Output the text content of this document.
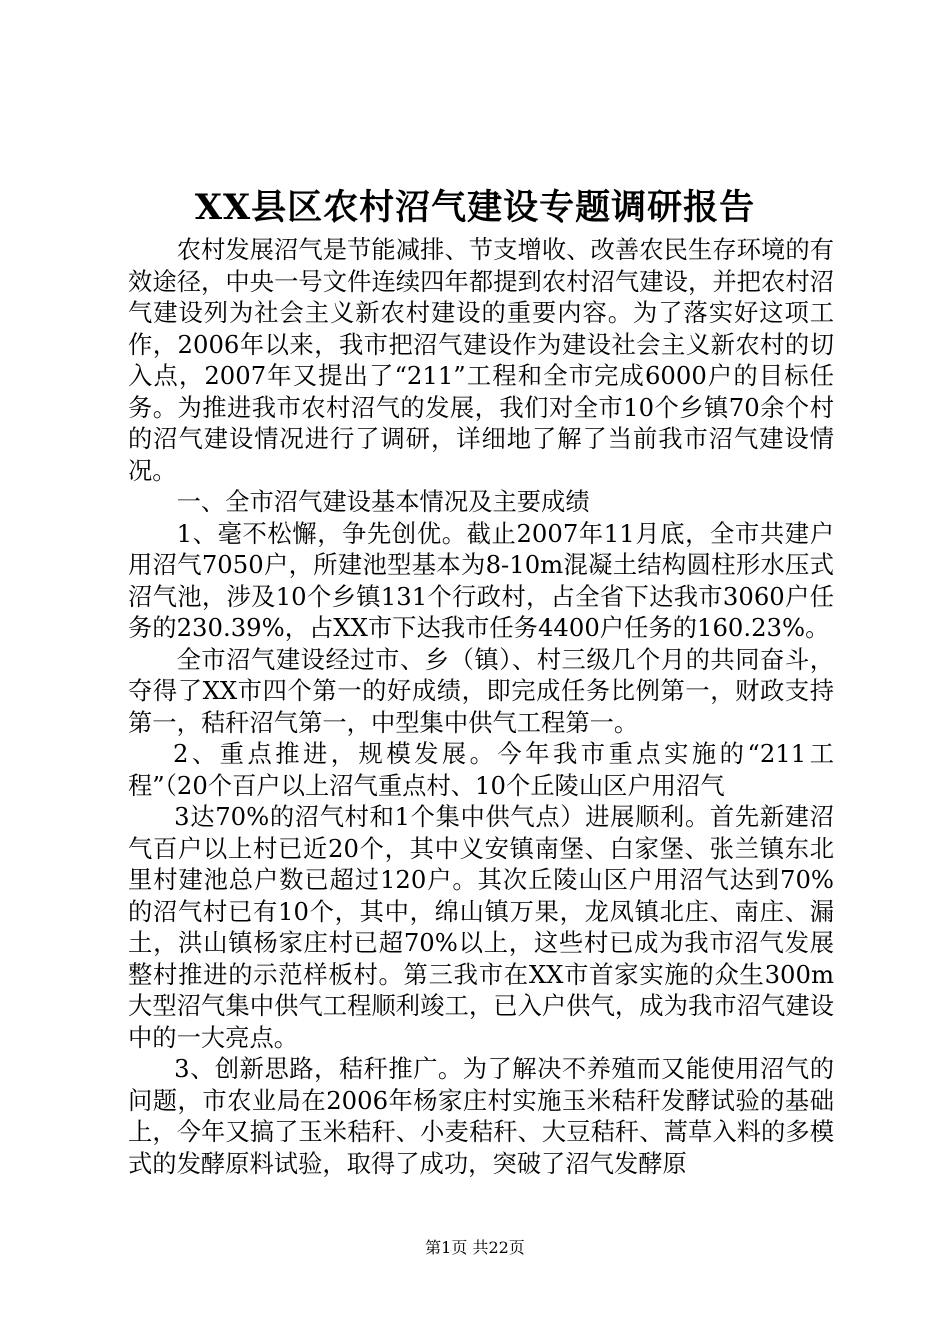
XX县区农村沼气建设专题调研报告

农村发展沼气是节能减排、节支增收、改善农民生存环境的有效途径，中央一号文件连续四年都提到农村沼气建设，并把农村沼气建设列为社会主义新农村建设的重要内容。为了落实好这项工作，2006年以来，我市把沼气建设作为建设社会主义新农村的切入点，2007年又提出了“211”工程和全市完成6000户的目标任务。为推进我市农村沼气的发展，我们对全市10个乡镇70余个村的沼气建设情况进行了调研，详细地了解了当前我市沼气建设情况。

一、全市沼气建设基本情况及主要成绩

1、毫不松懈，争先创优。截止2007年11月底，全市共建户用沼气7050户，所建池型基本为8-10m混凝土结构圆柱形水压式沼气池，涉及10个乡镇131个行政村，占全省下达我市3060户任务的230.39%，占XX市下达我市任务4400户任务的160.23%。

全市沼气建设经过市、乡（镇）、村三级几个月的共同奋斗，夺得了XX市四个第一的好成绩，即完成任务比例第一，财政支持第一，秸秆沼气第一，中型集中供气工程第一。

2、重点推进，规模发展。今年我市重点实施的“211工程”（20个百户以上沼气重点村、10个丘陵山区户用沼气

3达70%的沼气村和1个集中供气点）进展顺利。首先新建沼气百户以上村已近20个，其中义安镇南堡、白家堡、张兰镇东北里村建池总户数已超过120户。其次丘陵山区户用沼气达到70%的沼气村已有10个，其中，绵山镇万果，龙凤镇北庄、南庄、漏土，洪山镇杨家庄村已超70%以上，这些村已成为我市沼气发展整村推进的示范样板村。第三我市在XX市首家实施的众生300m大型沼气集中供气工程顺利竣工，已入户供气，成为我市沼气建设中的一大亮点。

3、创新思路，秸秆推广。为了解决不养殖而又能使用沼气的问题，市农业局在2006年杨家庄村实施玉米秸秆发酵试验的基础上，今年又搞了玉米秸秆、小麦秸秆、大豆秸秆、蒿草入料的多模式的发酵原料试验，取得了成功，突破了沼气发酵原

第1页 共22页
